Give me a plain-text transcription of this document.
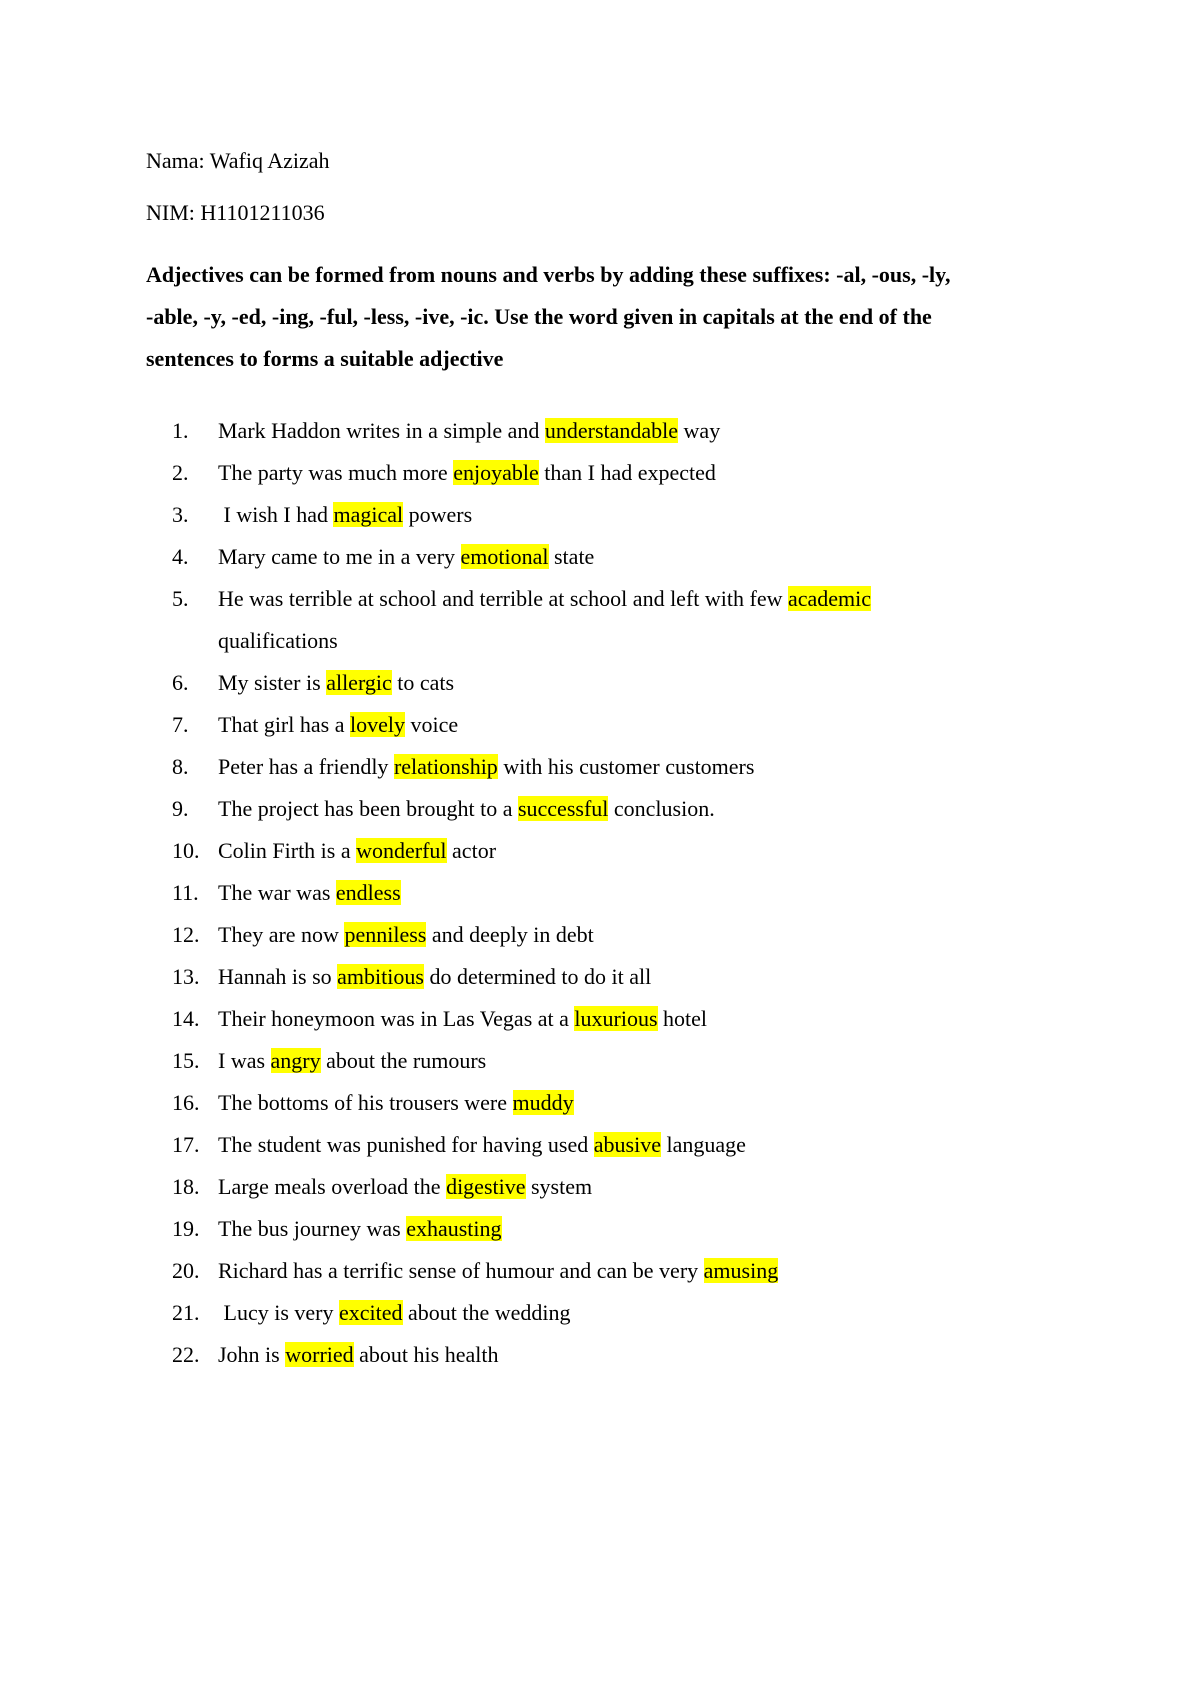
Nama: Wafiq Azizah
NIM: H1101211036
Adjectives can be formed from nouns and verbs by adding these suffixes: -al, -ous, -ly,
-able, -y, -ed, -ing, -ful, -less, -ive, -ic. Use the word given in capitals at the end of the
sentences to forms a suitable adjective
1.	Mark Haddon writes in a simple and understandable way
2.	The party was much more enjoyable than I had expected
3.	I wish I had magical powers
4.	Mary came to me in a very emotional state
5.	He was terrible at school and terrible at school and left with few academic
qualifications
6.	My sister is allergic to cats
7.	That girl has a lovely voice
8.	Peter has a friendly relationship with his customer customers
9.	The project has been brought to a successful conclusion.
10. Colin Firth is a wonderful actor
11. The war was endless
12. They are now penniless and deeply in debt
13. Hannah is so ambitious do determined to do it all
14. Their honeymoon was in Las Vegas at a luxurious hotel
15. I was angry about the rumours
16. The bottoms of his trousers were muddy
17. The student was punished for having used abusive language
18. Large meals overload the digestive system
19. The bus journey was exhausting
20. Richard has a terrific sense of humour and can be very amusing
21. Lucy is very excited about the wedding
22. John is worried about his health
